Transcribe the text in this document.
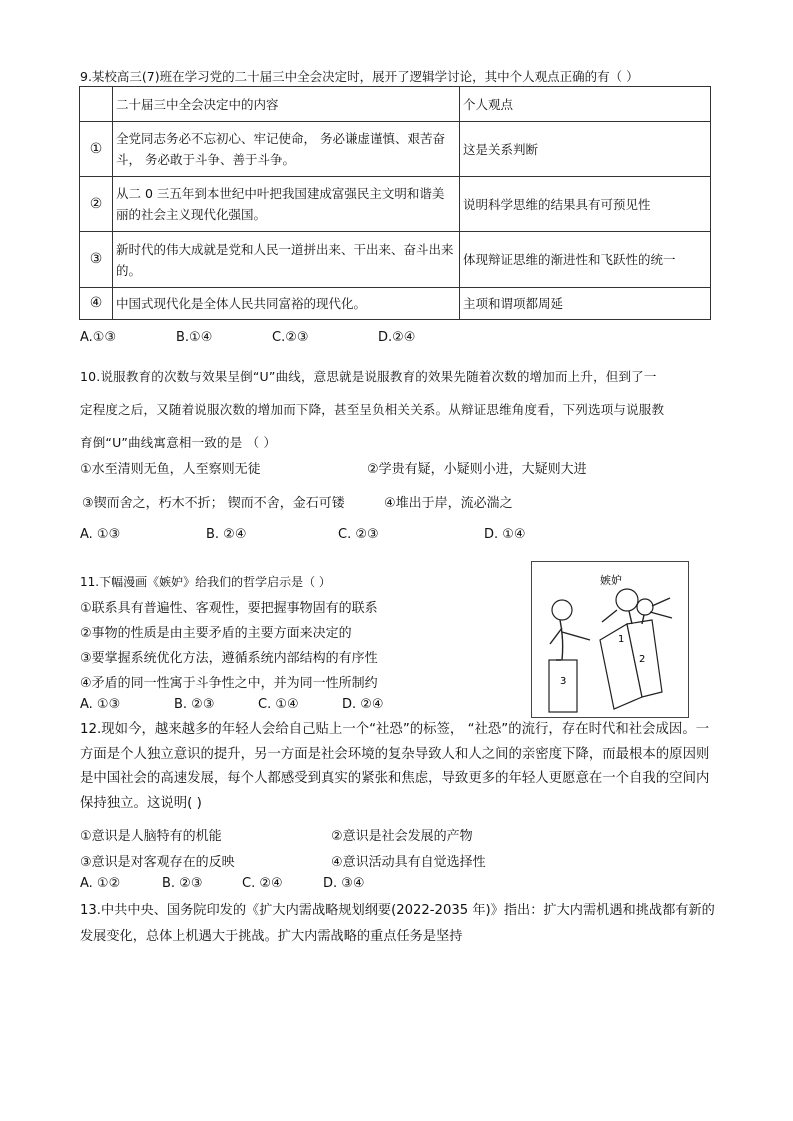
9.某校高三(7)班在学习党的二十届三中全会决定时，展开了逻辑学讨论，其中个人观点正确的有（ ）
	二十届三中全会决定中的内容	个人观点
①	全党同志务必不忘初心、牢记使命， 务必谦虚谨慎、艰苦奋斗， 务必敢于斗争、善于斗争。	这是关系判断
②	从二 0 三五年到本世纪中叶把我国建成富强民主文明和谐美丽的社会主义现代化强国。	说明科学思维的结果具有可预见性
③	新时代的伟大成就是党和人民一道拼出来、干出来、奋斗出来的。	体现辩证思维的渐进性和飞跃性的统一
④	中国式现代化是全体人民共同富裕的现代化。	主项和谓项都周延
A.①③	B.①④	C.②③	D.②④
10.说服教育的次数与效果呈倒“U”曲线，意思就是说服教育的效果先随着次数的增加而上升，但到了一
定程度之后，又随着说服次数的增加而下降，甚至呈负相关关系。从辩证思维角度看，下列选项与说服教
育倒“U”曲线寓意相一致的是 （ ）
①水至清则无鱼，人至察则无徒	②学贵有疑，小疑则小进，大疑则大进
③锲而舍之，朽木不折； 锲而不舍，金石可镂	④堆出于岸，流必湍之
A. ①③	B. ②④	C. ②③	D. ①④
11.下幅漫画《嫉妒》给我们的哲学启示是（ ）
①联系具有普遍性、客观性，要把握事物固有的联系
②事物的性质是由主要矛盾的主要方面来决定的
③要掌握系统优化方法，遵循系统内部结构的有序性
④矛盾的同一性寓于斗争性之中，并为同一性所制约
A. ①③	B. ②③	C. ①④	D. ②④
嫉妒
3
1
2
12.现如今，越来越多的年轻人会给自己贴上一个“社恐”的标签， “社恐”的流行，存在时代和社会成因。一方面是个人独立意识的提升，另一方面是社会环境的复杂导致人和人之间的亲密度下降，而最根本的原因则是中国社会的高速发展，每个人都感受到真实的紧张和焦虑，导致更多的年轻人更愿意在一个自我的空间内保持独立。这说明( )
①意识是人脑特有的机能	②意识是社会发展的产物
③意识是对客观存在的反映	④意识活动具有自觉选择性
A. ①②	B. ②③	C. ②④	D. ③④
13.中共中央、国务院印发的《扩大内需战略规划纲要(2022-2035 年)》指出：扩大内需机遇和挑战都有新的发展变化，总体上机遇大于挑战。扩大内需战略的重点任务是坚持
